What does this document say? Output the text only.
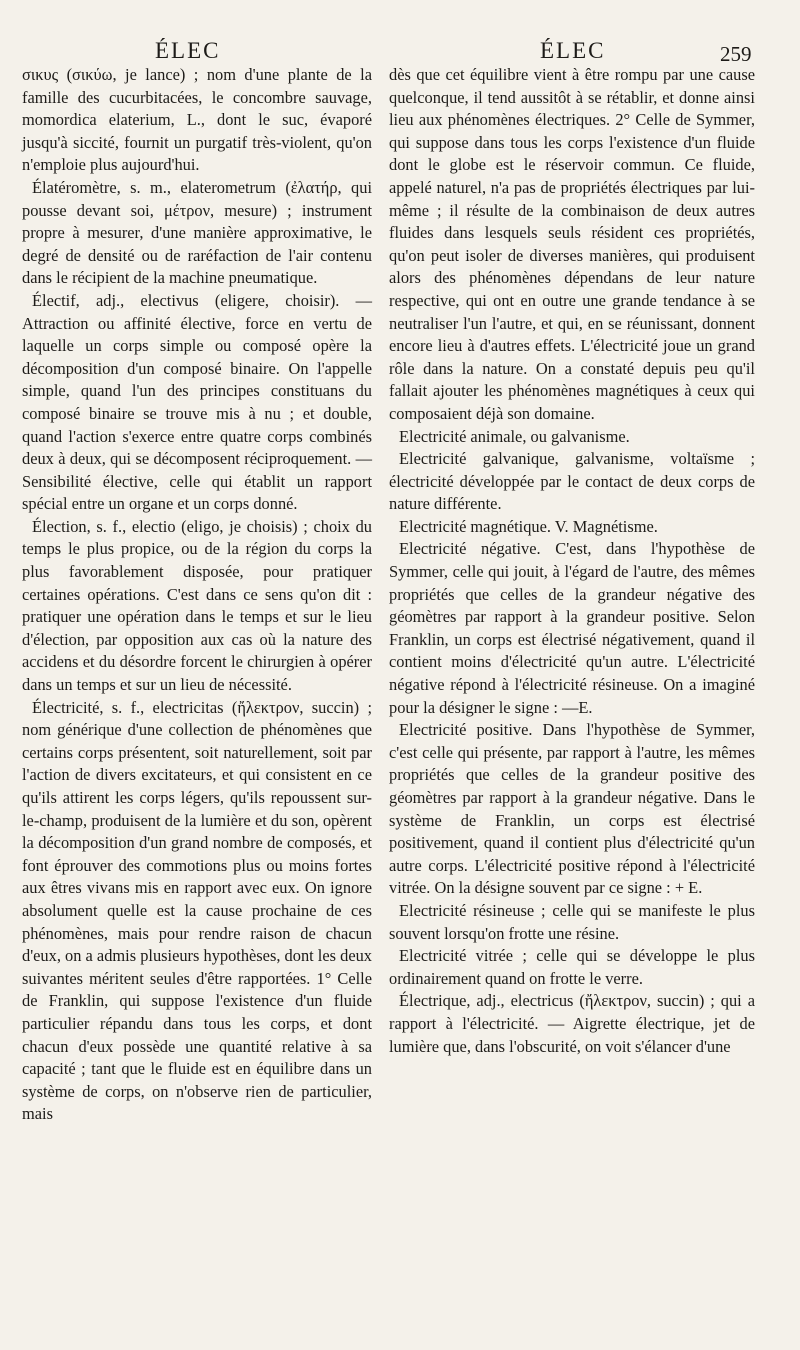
ÉLEC	ÉLEC	259

σικυς (σικύω, je lance) ; nom d'une plante de la famille des cucurbitacées, le concombre sauvage, momordica elaterium, L., dont le suc, évaporé jusqu'à siccité, fournit un purgatif très-violent, qu'on n'emploie plus aujourd'hui.

Élatéromètre, s. m., elaterometrum (ἐλατήρ, qui pousse devant soi, μέτρον, mesure) ; instrument propre à mesurer, d'une manière approximative, le degré de densité ou de raréfaction de l'air contenu dans le récipient de la machine pneumatique.

Électif, adj., electivus (eligere, choisir). — Attraction ou affinité élective, force en vertu de laquelle un corps simple ou composé opère la décomposition d'un composé binaire. On l'appelle simple, quand l'un des principes constituans du composé binaire se trouve mis à nu ; et double, quand l'action s'exerce entre quatre corps combinés deux à deux, qui se décomposent réciproquement. — Sensibilité élective, celle qui établit un rapport spécial entre un organe et un corps donné.

Élection, s. f., electio (eligo, je choisis) ; choix du temps le plus propice, ou de la région du corps la plus favorablement disposée, pour pratiquer certaines opérations. C'est dans ce sens qu'on dit : pratiquer une opération dans le temps et sur le lieu d'élection, par opposition aux cas où la nature des accidens et du désordre forcent le chirurgien à opérer dans un temps et sur un lieu de nécessité.

Électricité, s. f., electricitas (ἤλεκτρον, succin) ; nom générique d'une collection de phénomènes que certains corps présentent, soit naturellement, soit par l'action de divers excitateurs, et qui consistent en ce qu'ils attirent les corps légers, qu'ils repoussent sur-le-champ, produisent de la lumière et du son, opèrent la décomposition d'un grand nombre de composés, et font éprouver des commotions plus ou moins fortes aux êtres vivans mis en rapport avec eux. On ignore absolument quelle est la cause prochaine de ces phénomènes, mais pour rendre raison de chacun d'eux, on a admis plusieurs hypothèses, dont les deux suivantes méritent seules d'être rapportées. 1° Celle de Franklin, qui suppose l'existence d'un fluide particulier répandu dans tous les corps, et dont chacun d'eux possède une quantité relative à sa capacité ; tant que le fluide est en équilibre dans un système de corps, on n'observe rien de particulier, mais

dès que cet équilibre vient à être rompu par une cause quelconque, il tend aussitôt à se rétablir, et donne ainsi lieu aux phénomènes électriques. 2° Celle de Symmer, qui suppose dans tous les corps l'existence d'un fluide dont le globe est le réservoir commun. Ce fluide, appelé naturel, n'a pas de propriétés électriques par lui-même ; il résulte de la combinaison de deux autres fluides dans lesquels seuls résident ces propriétés, qu'on peut isoler de diverses manières, qui produisent alors des phénomènes dépendans de leur nature respective, qui ont en outre une grande tendance à se neutraliser l'un l'autre, et qui, en se réunissant, donnent encore lieu à d'autres effets. L'électricité joue un grand rôle dans la nature. On a constaté depuis peu qu'il fallait ajouter les phénomènes magnétiques à ceux qui composaient déjà son domaine.

Electricité animale, ou galvanisme.

Electricité galvanique, galvanisme, voltaïsme ; électricité développée par le contact de deux corps de nature différente.

Electricité magnétique. V. Magnétisme.

Electricité négative. C'est, dans l'hypothèse de Symmer, celle qui jouit, à l'égard de l'autre, des mêmes propriétés que celles de la grandeur négative des géomètres par rapport à la grandeur positive. Selon Franklin, un corps est électrisé négativement, quand il contient moins d'électricité qu'un autre. L'électricité négative répond à l'électricité résineuse. On a imaginé pour la désigner le signe : —E.

Electricité positive. Dans l'hypothèse de Symmer, c'est celle qui présente, par rapport à l'autre, les mêmes propriétés que celles de la grandeur positive des géomètres par rapport à la grandeur négative. Dans le système de Franklin, un corps est électrisé positivement, quand il contient plus d'électricité qu'un autre corps. L'électricité positive répond à l'électricité vitrée. On la désigne souvent par ce signe : + E.

Electricité résineuse ; celle qui se manifeste le plus souvent lorsqu'on frotte une résine.

Electricité vitrée ; celle qui se développe le plus ordinairement quand on frotte le verre.

Électrique, adj., electricus (ἤλεκτρον, succin) ; qui a rapport à l'électricité. — Aigrette électrique, jet de lumière que, dans l'obscurité, on voit s'élancer d'une
